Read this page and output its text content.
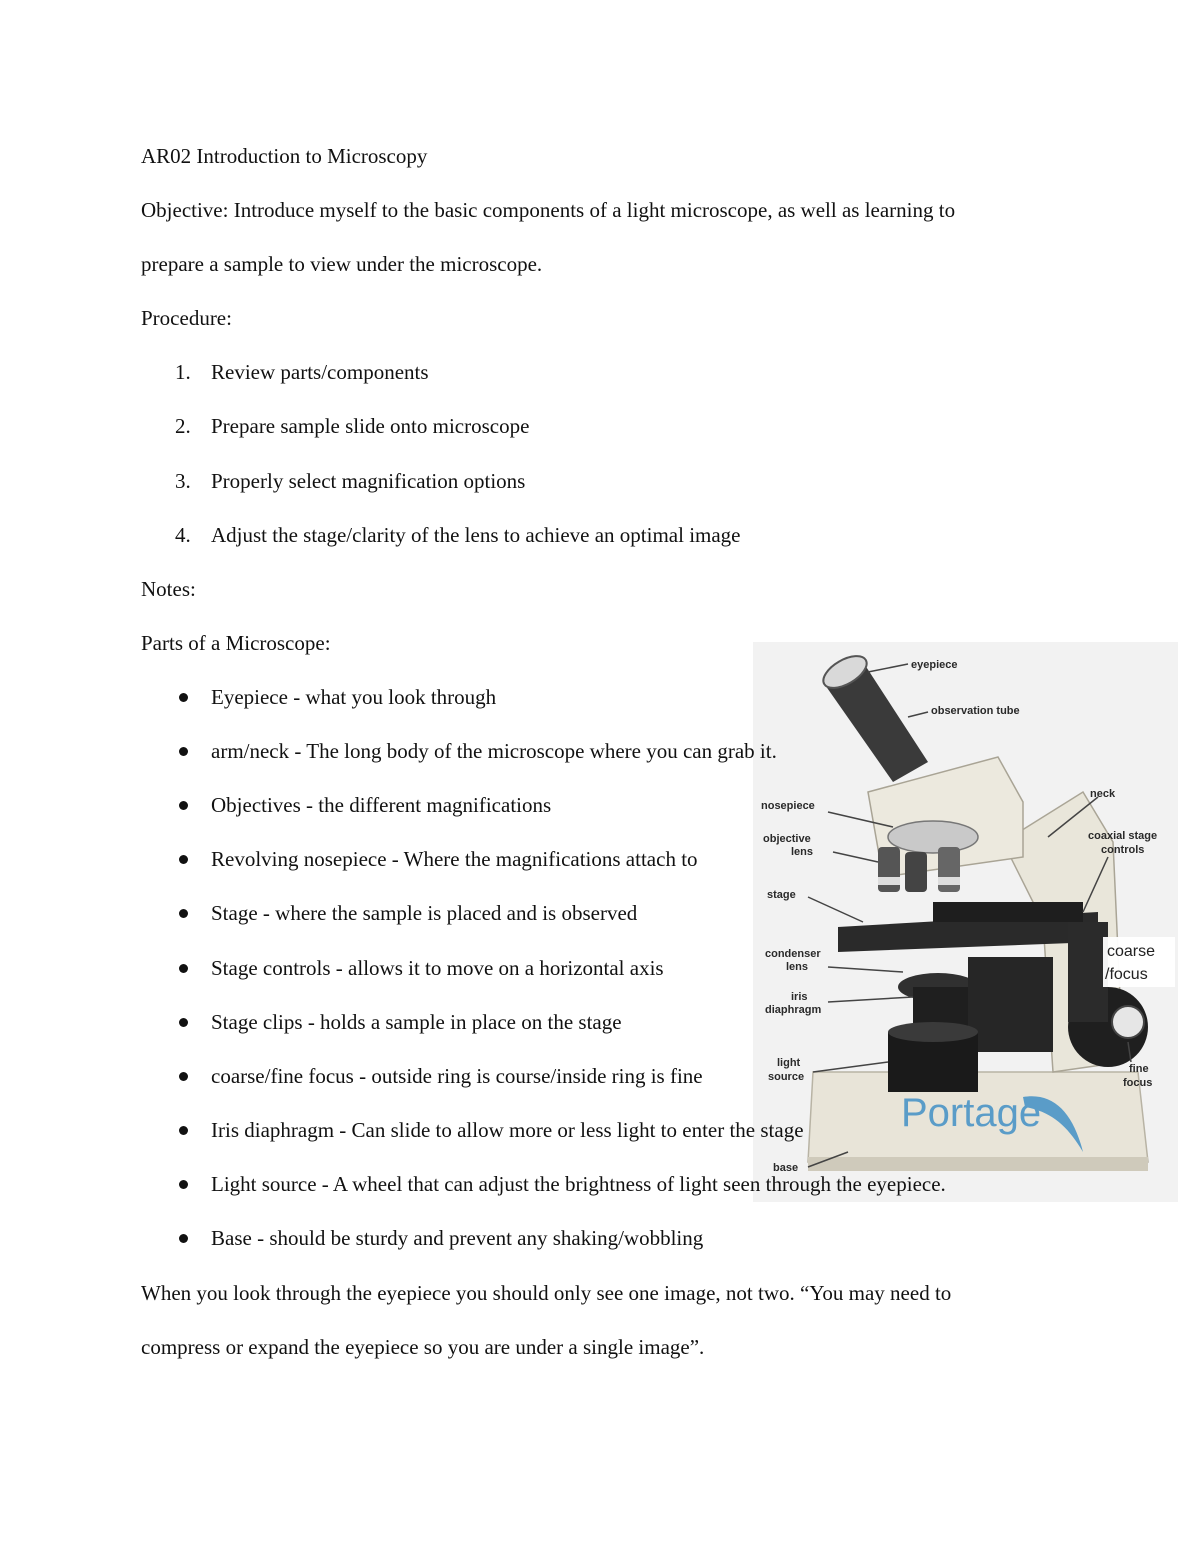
eyepiece
observation tube
neck
nosepiece
objective
lens
coaxial stage
controls
stage
condenser
lens
coarse
/focus
iris
diaphragm
light
source
fine
focus
base
Portage
AR02 Introduction to Microscopy
Objective: Introduce myself to the basic components of a light microscope, as well as learning to
prepare a sample to view under the microscope.
Procedure:
1. Review parts/components
2. Prepare sample slide onto microscope
3. Properly select magnification options
4. Adjust the stage/clarity of the lens to achieve an optimal image
Notes:
Parts of a Microscope:
Eyepiece - what you look through
arm/neck - The long body of the microscope where you can grab it.
Objectives - the different magnifications
Revolving nosepiece - Where the magnifications attach to
Stage - where the sample is placed and is observed
Stage controls - allows it to move on a horizontal axis
Stage clips - holds a sample in place on the stage
coarse/fine focus - outside ring is course/inside ring is fine
Iris diaphragm - Can slide to allow more or less light to enter the stage
Light source - A wheel that can adjust the brightness of light seen through the eyepiece.
Base - should be sturdy and prevent any shaking/wobbling
When you look through the eyepiece you should only see one image, not two. “You may need to
compress or expand the eyepiece so you are under a single image”.
